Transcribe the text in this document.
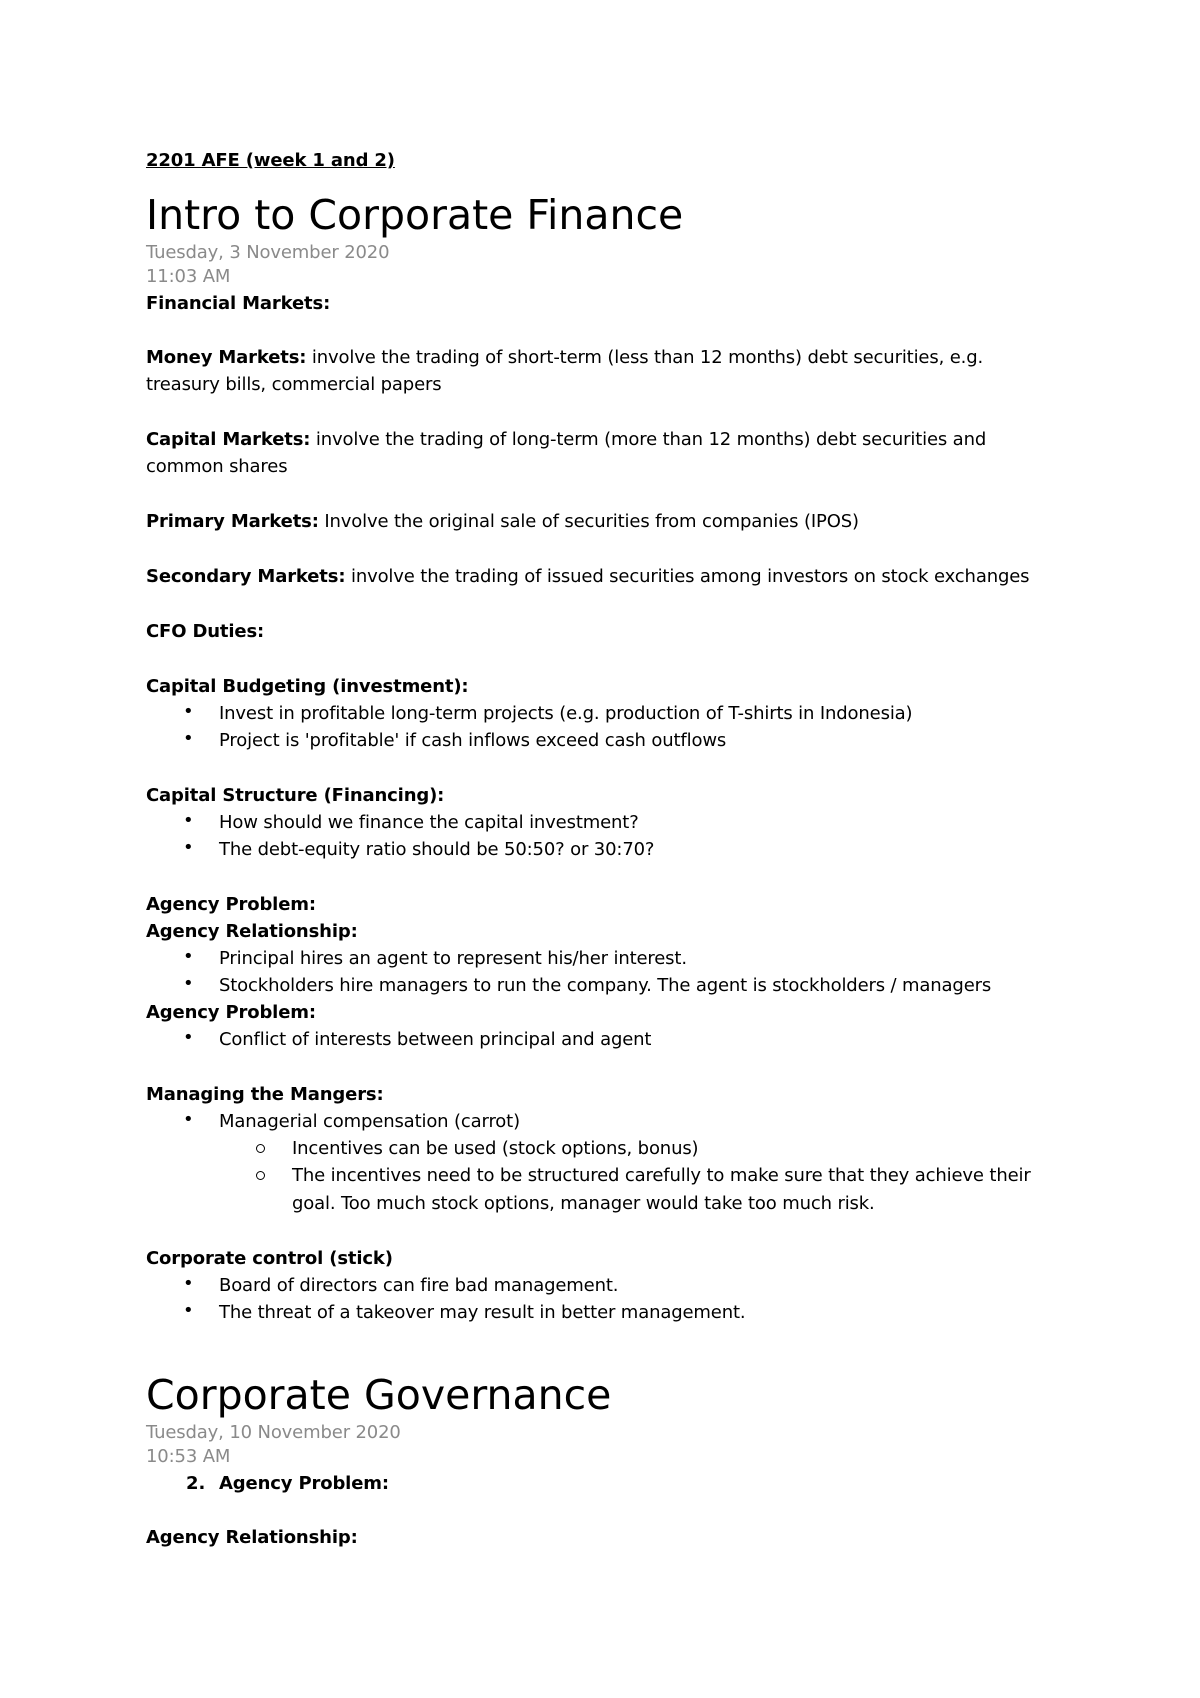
2201 AFE (week 1 and 2)

Intro to Corporate Finance

Tuesday, 3 November 2020

11:03 AM

Financial Markets:

Money Markets: involve the trading of short-term (less than 12 months) debt securities, e.g.

treasury bills, commercial papers

Capital Markets: involve the trading of long-term (more than 12 months) debt securities and

common shares

Primary Markets: Involve the original sale of securities from companies (IPOS)

Secondary Markets: involve the trading of issued securities among investors on stock exchanges

CFO Duties:

Capital Budgeting (investment):

• Invest in profitable long-term projects (e.g. production of T-shirts in Indonesia)

• Project is 'profitable' if cash inflows exceed cash outflows

Capital Structure (Financing):

• How should we finance the capital investment?

• The debt-equity ratio should be 50:50? or 30:70?

Agency Problem:

Agency Relationship:

• Principal hires an agent to represent his/her interest.

• Stockholders hire managers to run the company. The agent is stockholders / managers

Agency Problem:

• Conflict of interests between principal and agent

Managing the Mangers:

• Managerial compensation (carrot)

Incentives can be used (stock options, bonus)

The incentives need to be structured carefully to make sure that they achieve their

goal. Too much stock options, manager would take too much risk.

Corporate control (stick)

• Board of directors can fire bad management.

• The threat of a takeover may result in better management.

Corporate Governance

Tuesday, 10 November 2020

10:53 AM

2. Agency Problem:

Agency Relationship:
